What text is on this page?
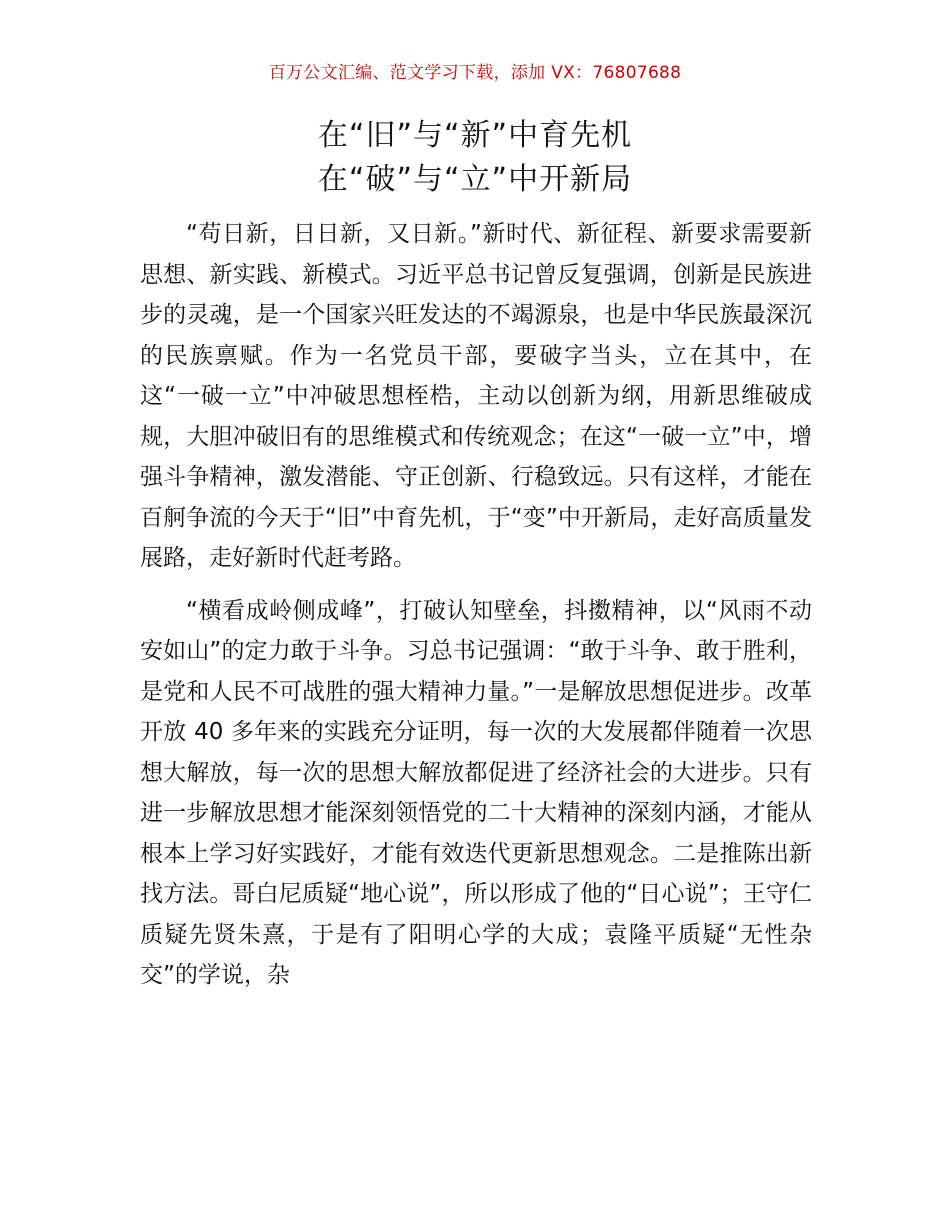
百万公文汇编、范文学习下载，添加 VX：76807688
在“旧”与“新”中育先机
在“破”与“立”中开新局

“苟日新，日日新，又日新。”新时代、新征程、新要求需要新思想、新实践、新模式。习近平总书记曾反复强调，创新是民族进步的灵魂，是一个国家兴旺发达的不竭源泉，也是中华民族最深沉的民族禀赋。作为一名党员干部，要破字当头，立在其中，在这“一破一立”中冲破思想桎梏，主动以创新为纲，用新思维破成规，大胆冲破旧有的思维模式和传统观念；在这“一破一立”中，增强斗争精神，激发潜能、守正创新、行稳致远。只有这样，才能在百舸争流的今天于“旧”中育先机，于“变”中开新局，走好高质量发展路，走好新时代赶考路。

“横看成岭侧成峰”，打破认知壁垒，抖擞精神，以“风雨不动安如山”的定力敢于斗争。习总书记强调：“敢于斗争、敢于胜利，是党和人民不可战胜的强大精神力量。”一是解放思想促进步。改革开放 40 多年来的实践充分证明，每一次的大发展都伴随着一次思想大解放，每一次的思想大解放都促进了经济社会的大进步。只有进一步解放思想才能深刻领悟党的二十大精神的深刻内涵，才能从根本上学习好实践好，才能有效迭代更新思想观念。二是推陈出新找方法。哥白尼质疑“地心说”，所以形成了他的“日心说”；王守仁质疑先贤朱熹，于是有了阳明心学的大成；袁隆平质疑“无性杂交”的学说，杂
